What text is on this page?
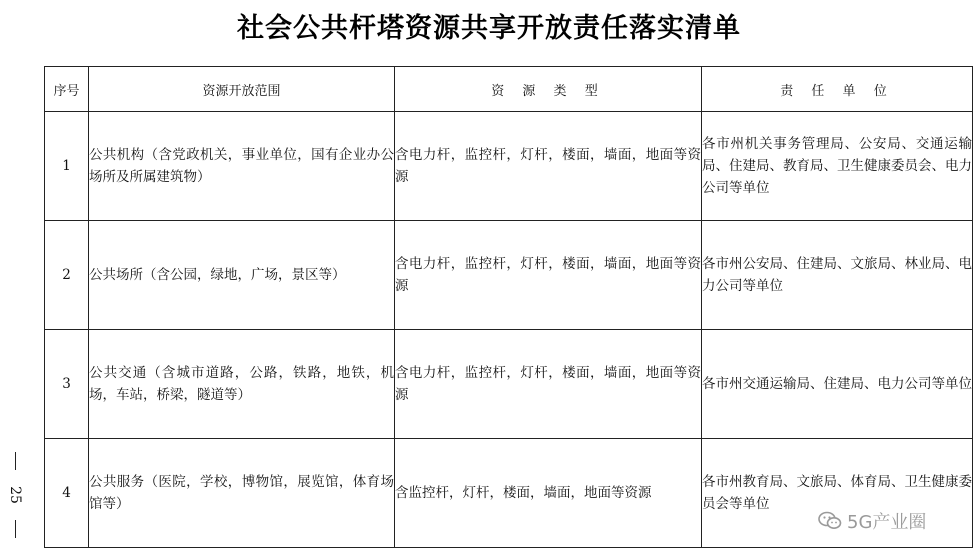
社会公共杆塔资源共享开放责任落实清单
25
序号	资源开放范围	资 源 类 型	责 任 单 位
1	公共机构（含党政机关，事业单位，国有企业办公场所及所属建筑物）	含电力杆，监控杆，灯杆，楼面，墙面，地面等资源	各市州机关事务管理局、公安局、交通运输局、住建局、教育局、卫生健康委员会、电力公司等单位
2	公共场所（含公园，绿地，广场，景区等）	含电力杆，监控杆，灯杆，楼面，墙面，地面等资源	各市州公安局、住建局、文旅局、林业局、电力公司等单位
3	公共交通（含城市道路，公路，铁路，地铁，机场，车站，桥梁，隧道等）	含电力杆，监控杆，灯杆，楼面，墙面，地面等资源	各市州交通运输局、住建局、电力公司等单位
4	公共服务（医院，学校，博物馆，展览馆，体育场馆等）	含监控杆，灯杆，楼面，墙面，地面等资源	各市州教育局、文旅局、体育局、卫生健康委员会等单位
5G产业圈
